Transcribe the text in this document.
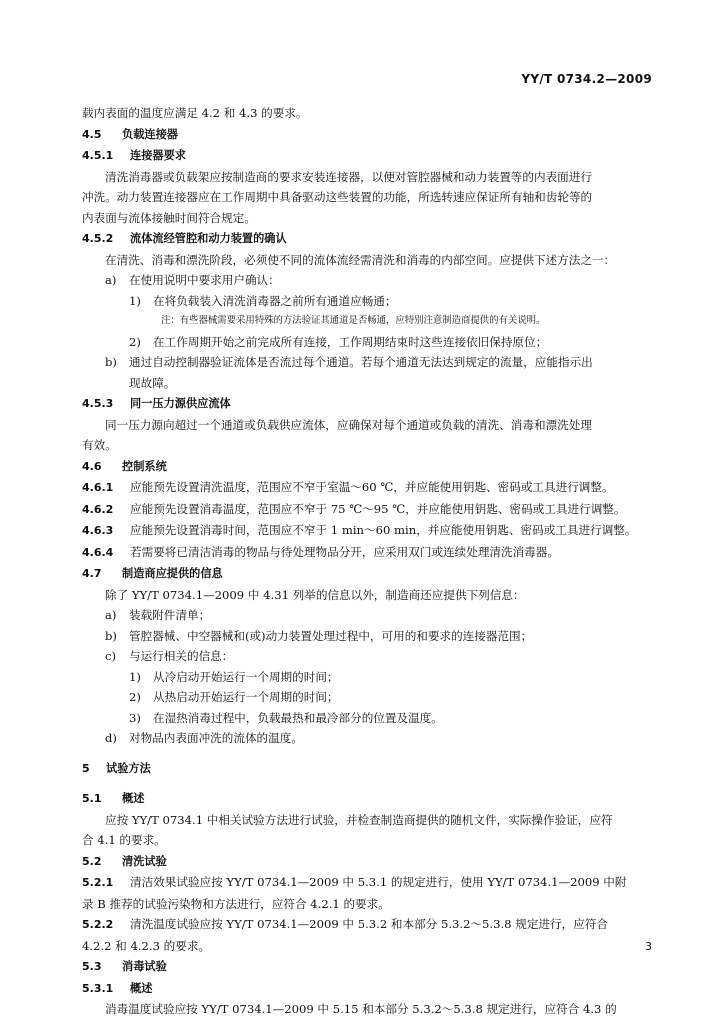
YY/T 0734.2—2009
载内表面的温度应满足 4.2 和 4.3 的要求。
4.5 负载连接器
4.5.1 连接器要求
清洗消毒器或负载架应按制造商的要求安装连接器，以便对管腔器械和动力装置等的内表面进行
冲洗。动力装置连接器应在工作周期中具备驱动这些装置的功能，所选转速应保证所有轴和齿轮等的
内表面与流体接触时间符合规定。
4.5.2 流体流经管腔和动力装置的确认
在清洗、消毒和漂洗阶段，必须使不同的流体流经需清洗和消毒的内部空间。应提供下述方法之一：
a) 在使用说明中要求用户确认：
1) 在将负载装入清洗消毒器之前所有通道应畅通；
注：有些器械需要采用特殊的方法验证其通道是否畅通，应特别注意制造商提供的有关说明。
2) 在工作周期开始之前完成所有连接，工作周期结束时这些连接依旧保持原位；
b) 通过自动控制器验证流体是否流过每个通道。若每个通道无法达到规定的流量，应能指示出
现故障。
4.5.3 同一压力源供应流体
同一压力源向超过一个通道或负载供应流体，应确保对每个通道或负载的清洗、消毒和漂洗处理
有效。
4.6 控制系统
4.6.1 应能预先设置清洗温度，范围应不窄于室温～60 ℃，并应能使用钥匙、密码或工具进行调整。
4.6.2 应能预先设置消毒温度，范围应不窄于 75 ℃～95 ℃，并应能使用钥匙、密码或工具进行调整。
4.6.3 应能预先设置消毒时间，范围应不窄于 1 min～60 min，并应能使用钥匙、密码或工具进行调整。
4.6.4 若需要将已清洁消毒的物品与待处理物品分开，应采用双门或连续处理清洗消毒器。
4.7 制造商应提供的信息
除了 YY/T 0734.1—2009 中 4.31 列举的信息以外，制造商还应提供下列信息：
a) 装载附件清单；
b) 管腔器械、中空器械和(或)动力装置处理过程中，可用的和要求的连接器范围；
c) 与运行相关的信息：
1) 从冷启动开始运行一个周期的时间；
2) 从热启动开始运行一个周期的时间；
3) 在湿热消毒过程中，负载最热和最冷部分的位置及温度。
d) 对物品内表面冲洗的流体的温度。
5 试验方法
5.1 概述
应按 YY/T 0734.1 中相关试验方法进行试验，并检查制造商提供的随机文件，实际操作验证，应符
合 4.1 的要求。
5.2 清洗试验
5.2.1 清洁效果试验应按 YY/T 0734.1—2009 中 5.3.1 的规定进行，使用 YY/T 0734.1—2009 中附
录 B 推荐的试验污染物和方法进行，应符合 4.2.1 的要求。
5.2.2 清洗温度试验应按 YY/T 0734.1—2009 中 5.3.2 和本部分 5.3.2～5.3.8 规定进行，应符合
4.2.2 和 4.2.3 的要求。
5.3 消毒试验
5.3.1 概述
消毒温度试验应按 YY/T 0734.1—2009 中 5.15 和本部分 5.3.2～5.3.8 规定进行，应符合 4.3 的
3
